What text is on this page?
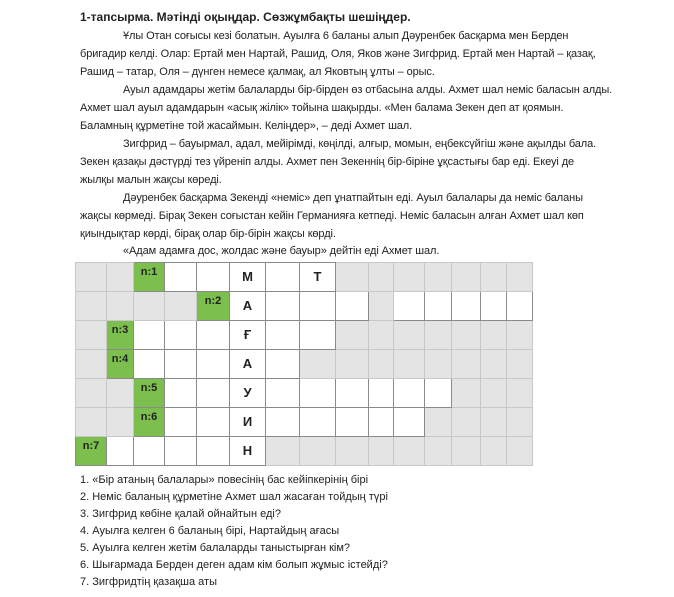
1-тапсырма. Мәтінді оқыңдар. Сөзжұмбақты шешіңдер.
Ұлы Отан соғысы кезі болатын. Ауылға 6 баланы алып Дәуренбек басқарма мен Берден
бригадир келді. Олар: Ертай мен Нартай, Рашид, Оля, Яков және Зигфрид. Ертай мен Нартай – қазақ,
Рашид – татар, Оля – дүнген немесе қалмақ, ал Яковтың ұлты – орыс.
Ауыл адамдары жетім балаларды бір-бірден өз отбасына алды. Ахмет шал неміс баласын алды.
Ахмет шал ауыл адамдарын «асық жілік» тойына шақырды. «Мен балама Зекен деп ат қоямын.
Баламның құрметіне той жасаймын. Келіңдер», – деді Ахмет шал.
Зигфрид – бауырмал, адал, мейірімді, көңілді, алғыр, момын, еңбексүйгіш және ақылды бала.
Зекен қазақы дәстүрді тез үйреніп алды. Ахмет пен Зекеннің бір-біріне ұқсастығы бар еді. Екеуі де
жылқы малын жақсы көреді.
Дәуренбек басқарма Зекенді «неміс» деп ұнатпайтын еді. Ауыл балалары да неміс баланы
жақсы көрмеді. Бірақ Зекен соғыстан кейін Германияға кетпеді. Неміс баласын алған Ахмет шал көп
қиындықтар көрді, бірақ олар бір-бірін жақсы көрді.
«Адам адамға дос, жолдас және бауыр» дейтін еді Ахмет шал.
		n:1			М		Т							
				n:2	А									
	n:3				Ғ									
	n:4				А									
		n:5			У									
		n:6			И									
n:7					Н									
1. «Бір атаның балалары» повесінің бас кейіпкерінің бірі
2. Неміс баланың құрметіне Ахмет шал жасаған тойдың түрі
3. Зигфрид көбіне қалай ойнайтын еді?
4. Ауылға келген 6 баланың бірі, Нартайдың ағасы
5. Ауылға келген жетім балаларды таныстырған кім?
6. Шығармада Берден деген адам кім болып жұмыс істейді?
7. Зигфридтің қазақша аты
